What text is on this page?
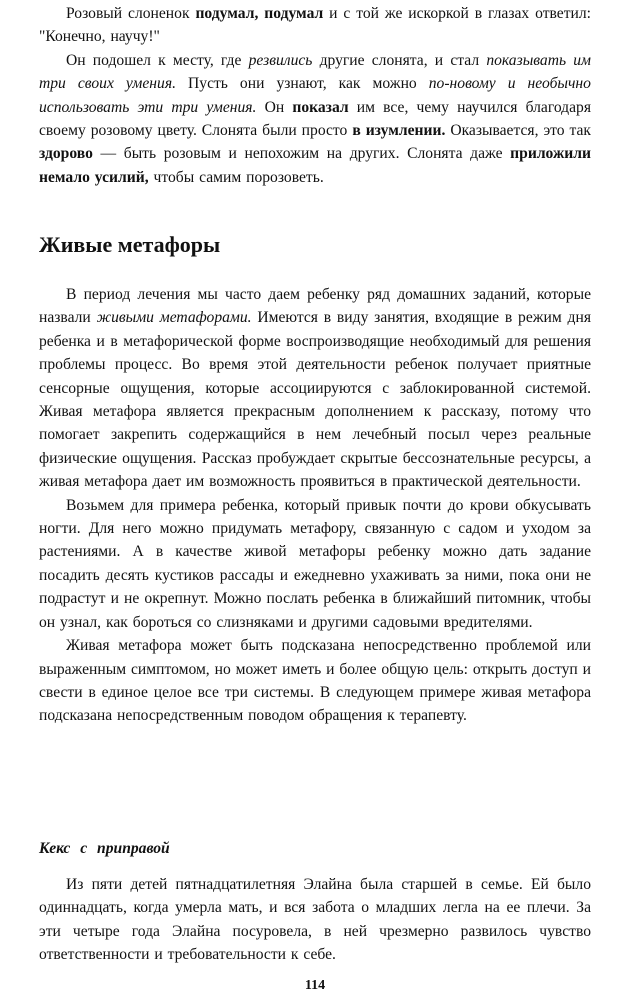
Розовый слоненок подумал, подумал и с той же искоркой в глазах ответил: "Конечно, научу!"

Он подошел к месту, где резвились другие слонята, и стал показывать им три своих умения. Пусть они узнают, как можно по-новому и необычно использовать эти три умения. Он показал им все, чему научился благодаря своему розовому цвету. Слонята были просто в изумлении. Оказывается, это так здорово — быть розовым и непохожим на других. Слонята даже приложили немало усилий, чтобы самим порозоветь.

Живые метафоры

В период лечения мы часто даем ребенку ряд домашних заданий, которые назвали живыми метафорами. Имеются в виду занятия, входящие в режим дня ребенка и в метафорической форме воспроизводящие необходимый для решения проблемы процесс. Во время этой деятельности ребенок получает приятные сенсорные ощущения, которые ассоциируются с заблокированной системой. Живая метафора является прекрасным дополнением к рассказу, потому что помогает закрепить содержащийся в нем лечебный посыл через реальные физические ощущения. Рассказ пробуждает скрытые бессознательные ресурсы, а живая метафора дает им возможность проявиться в практической деятельности.

Возьмем для примера ребенка, который привык почти до крови обкусывать ногти. Для него можно придумать метафору, связанную с садом и уходом за растениями. А в качестве живой метафоры ребенку можно дать задание посадить десять кустиков рассады и ежедневно ухаживать за ними, пока они не подрастут и не окрепнут. Можно послать ребенка в ближайший питомник, чтобы он узнал, как бороться со слизняками и другими садовыми вредителями.

Живая метафора может быть подсказана непосредственно проблемой или выраженным симптомом, но может иметь и более общую цель: открыть доступ и свести в единое целое все три системы. В следующем примере живая метафора подсказана непосредственным поводом обращения к терапевту.

Кекс с приправой

Из пяти детей пятнадцатилетняя Элайна была старшей в семье. Ей было одиннадцать, когда умерла мать, и вся забота о младших легла на ее плечи. За эти четыре года Элайна посуровела, в ней чрезмерно развилось чувство ответственности и требовательности к себе.

114
